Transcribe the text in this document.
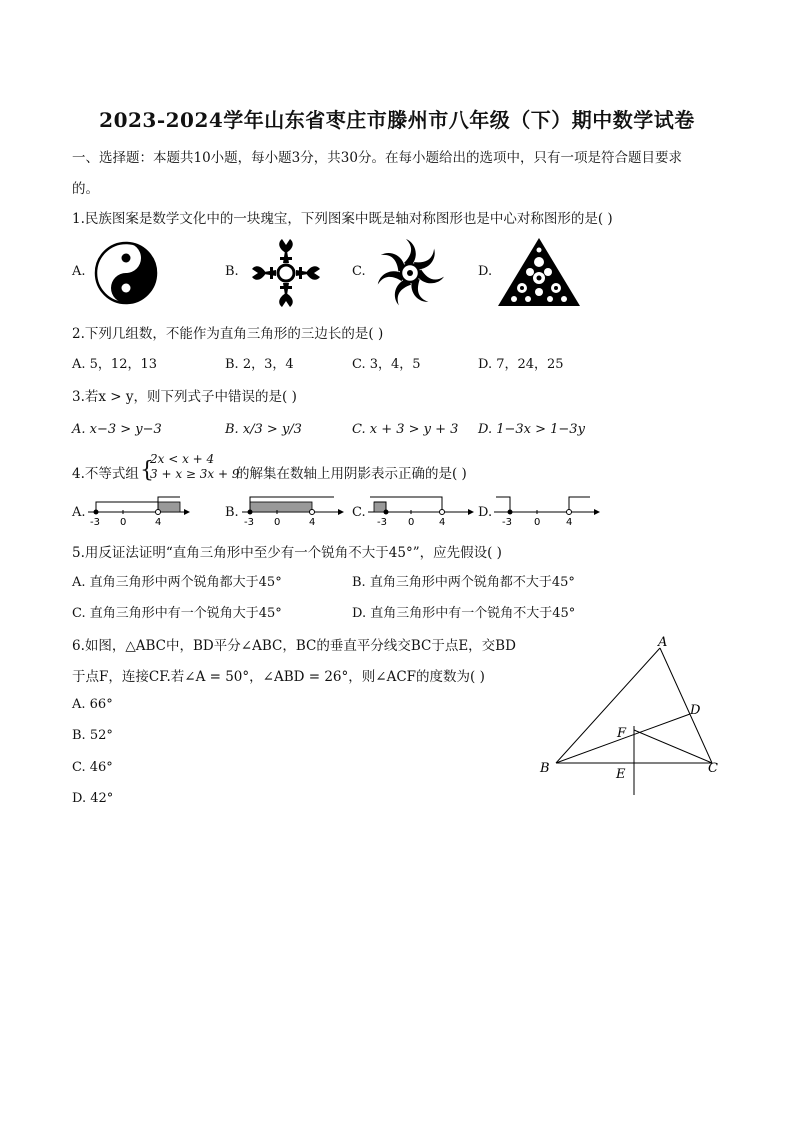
2023-2024学年山东省枣庄市滕州市八年级（下）期中数学试卷
一、选择题：本题共10小题，每小题3分，共30分。在每小题给出的选项中，只有一项是符合题目要求
的。
1.民族图案是数学文化中的一块瑰宝，下列图案中既是轴对称图形也是中心对称图形的是( )
A.	B.	C.	D.
2.下列几组数，不能作为直角三角形的三边长的是( )
A. 5，12，13	B. 2，3，4	C. 3，4，5	D. 7，24，25
3.若x > y，则下列式子中错误的是( )
A. x−3 > y−3	B. x/3 > y/3	C. x + 3 > y + 3 D. 1−3x > 1−3y
4.不等式组 {
2x < x + 4
3 + x ≥ 3x + 9
的解集在数轴上用阴影表示正确的是( )
A.
-3 0	4
B.
-3 0	4
C.
-3 0 4
D.
-3 0	4
5.用反证法证明“直角三角形中至少有一个锐角不大于45°”，应先假设( )
A. 直角三角形中两个锐角都大于45°	B. 直角三角形中两个锐角都不大于45°
C. 直角三角形中有一个锐角大于45°	D. 直角三角形中有一个锐角不大于45°
6.如图，△ABC中，BD平分∠ABC，BC的垂直平分线交BC于点E，交BD
于点F，连接CF.若∠A = 50°，∠ABD = 26°，则∠ACF的度数为( )
A. 66°
B. 52°
C. 46°
D. 42°
A
B	C
D
E
F
